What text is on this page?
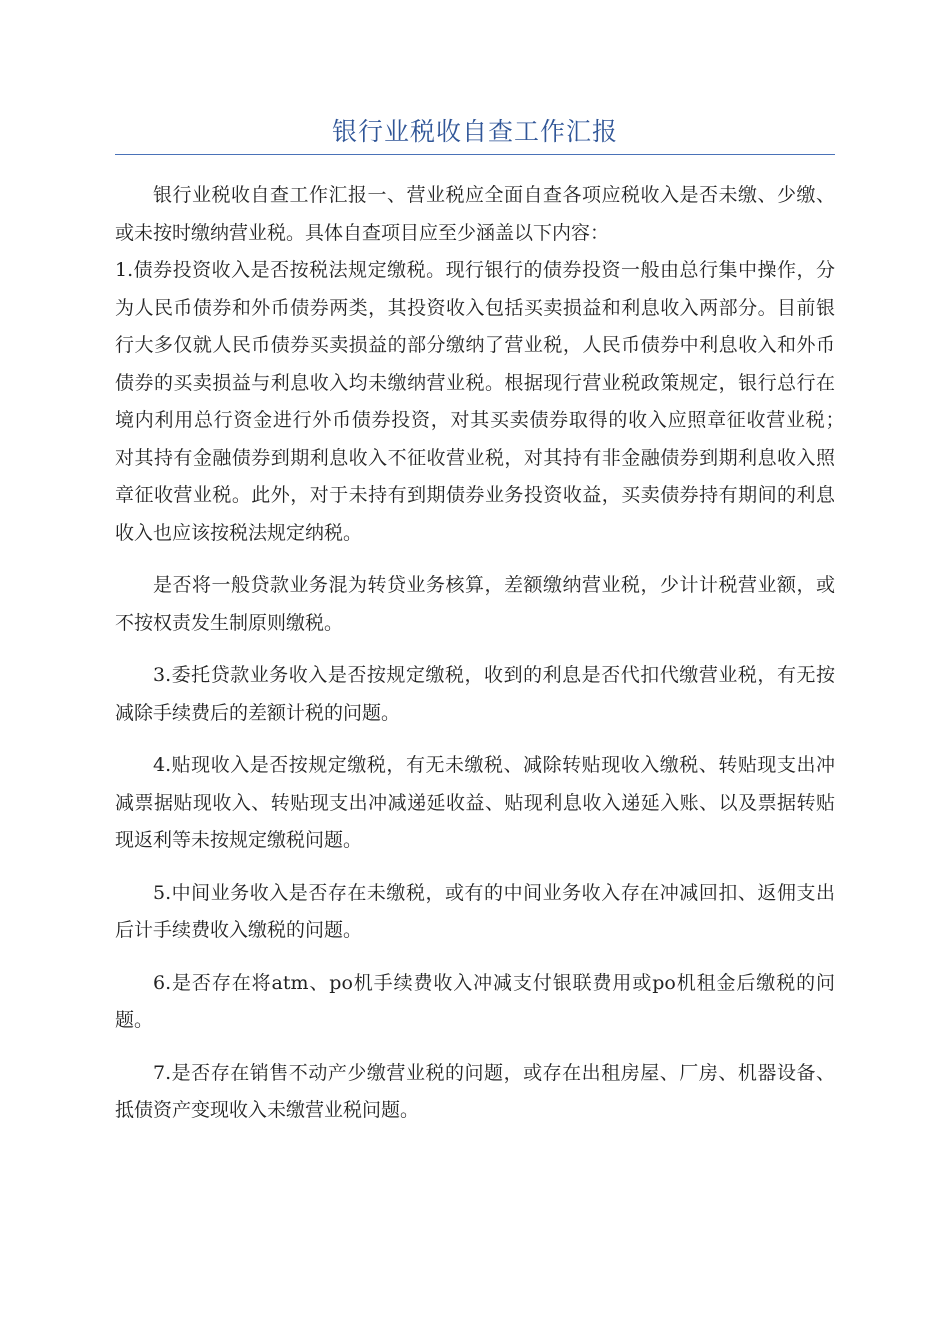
银行业税收自查工作汇报

银行业税收自查工作汇报一、营业税应全面自查各项应税收入是否未缴、少缴、或未按时缴纳营业税。具体自查项目应至少涵盖以下内容：

1.债券投资收入是否按税法规定缴税。现行银行的债券投资一般由总行集中操作，分为人民币债券和外币债券两类，其投资收入包括买卖损益和利息收入两部分。目前银行大多仅就人民币债券买卖损益的部分缴纳了营业税，人民币债券中利息收入和外币债券的买卖损益与利息收入均未缴纳营业税。根据现行营业税政策规定，银行总行在境内利用总行资金进行外币债券投资，对其买卖债券取得的收入应照章征收营业税；　　对其持有金融债券到期利息收入不征收营业税，对其持有非金融债券到期利息收入照章征收营业税。此外，对于未持有到期债券业务投资收益，买卖债券持有期间的利息收入也应该按税法规定纳税。

是否将一般贷款业务混为转贷业务核算，差额缴纳营业税，少计计税营业额，或不按权责发生制原则缴税。

3.委托贷款业务收入是否按规定缴税，收到的利息是否代扣代缴营业税，有无按减除手续费后的差额计税的问题。

4.贴现收入是否按规定缴税，有无未缴税、减除转贴现收入缴税、转贴现支出冲减票据贴现收入、转贴现支出冲减递延收益、贴现利息收入递延入账、以及票据转贴现返利等未按规定缴税问题。

5.中间业务收入是否存在未缴税，或有的中间业务收入存在冲减回扣、返佣支出后计手续费收入缴税的问题。

6.是否存在将atm、po机手续费收入冲减支付银联费用或po机租金后缴税的问题。

7.是否存在销售不动产少缴营业税的问题，或存在出租房屋、厂房、机器设备、抵债资产变现收入未缴营业税问题。
